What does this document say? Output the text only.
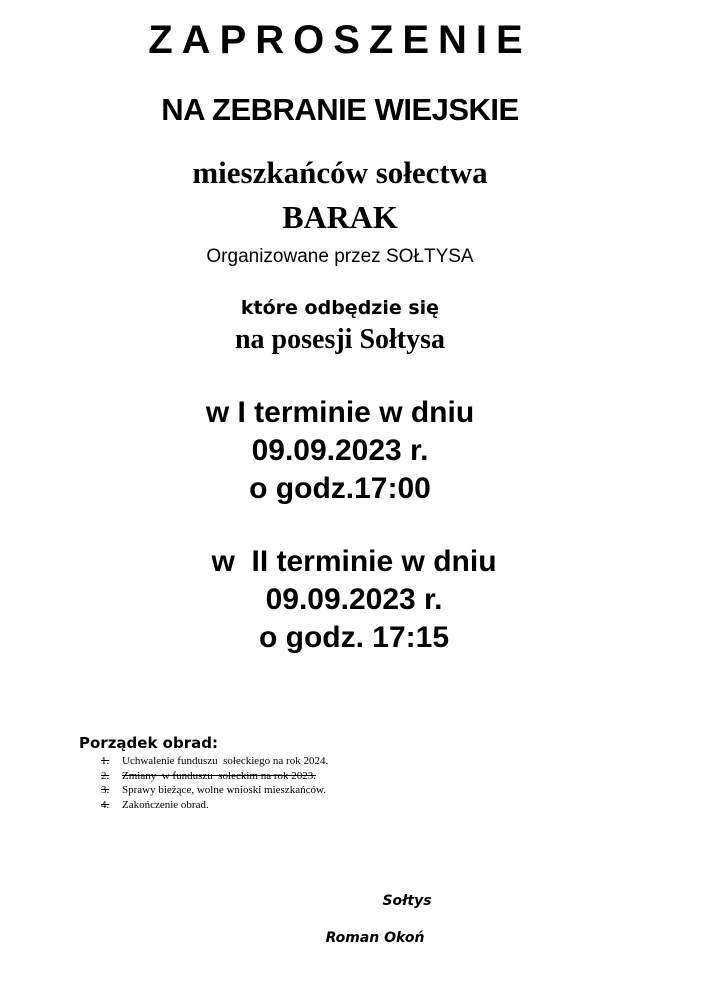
ZAPROSZENIE
NA ZEBRANIE WIEJSKIE
mieszkańców sołectwa
BARAK
Organizowane przez SOŁTYSA
które odbędzie się
na posesji Sołtysa
w I terminie w dniu
09.09.2023 r.
o godz.17:00
w  II terminie w dniu
09.09.2023 r.
o godz. 17:15
Porządek obrad:
1. Uchwalenie funduszu  sołeckiego na rok 2024.
2. Zmiany  w funduszu  sołeckim na rok 2023.
3. Sprawy bieżące, wolne wnioski mieszkańców.
4. Zakończenie obrad.
Sołtys
Roman Okoń
